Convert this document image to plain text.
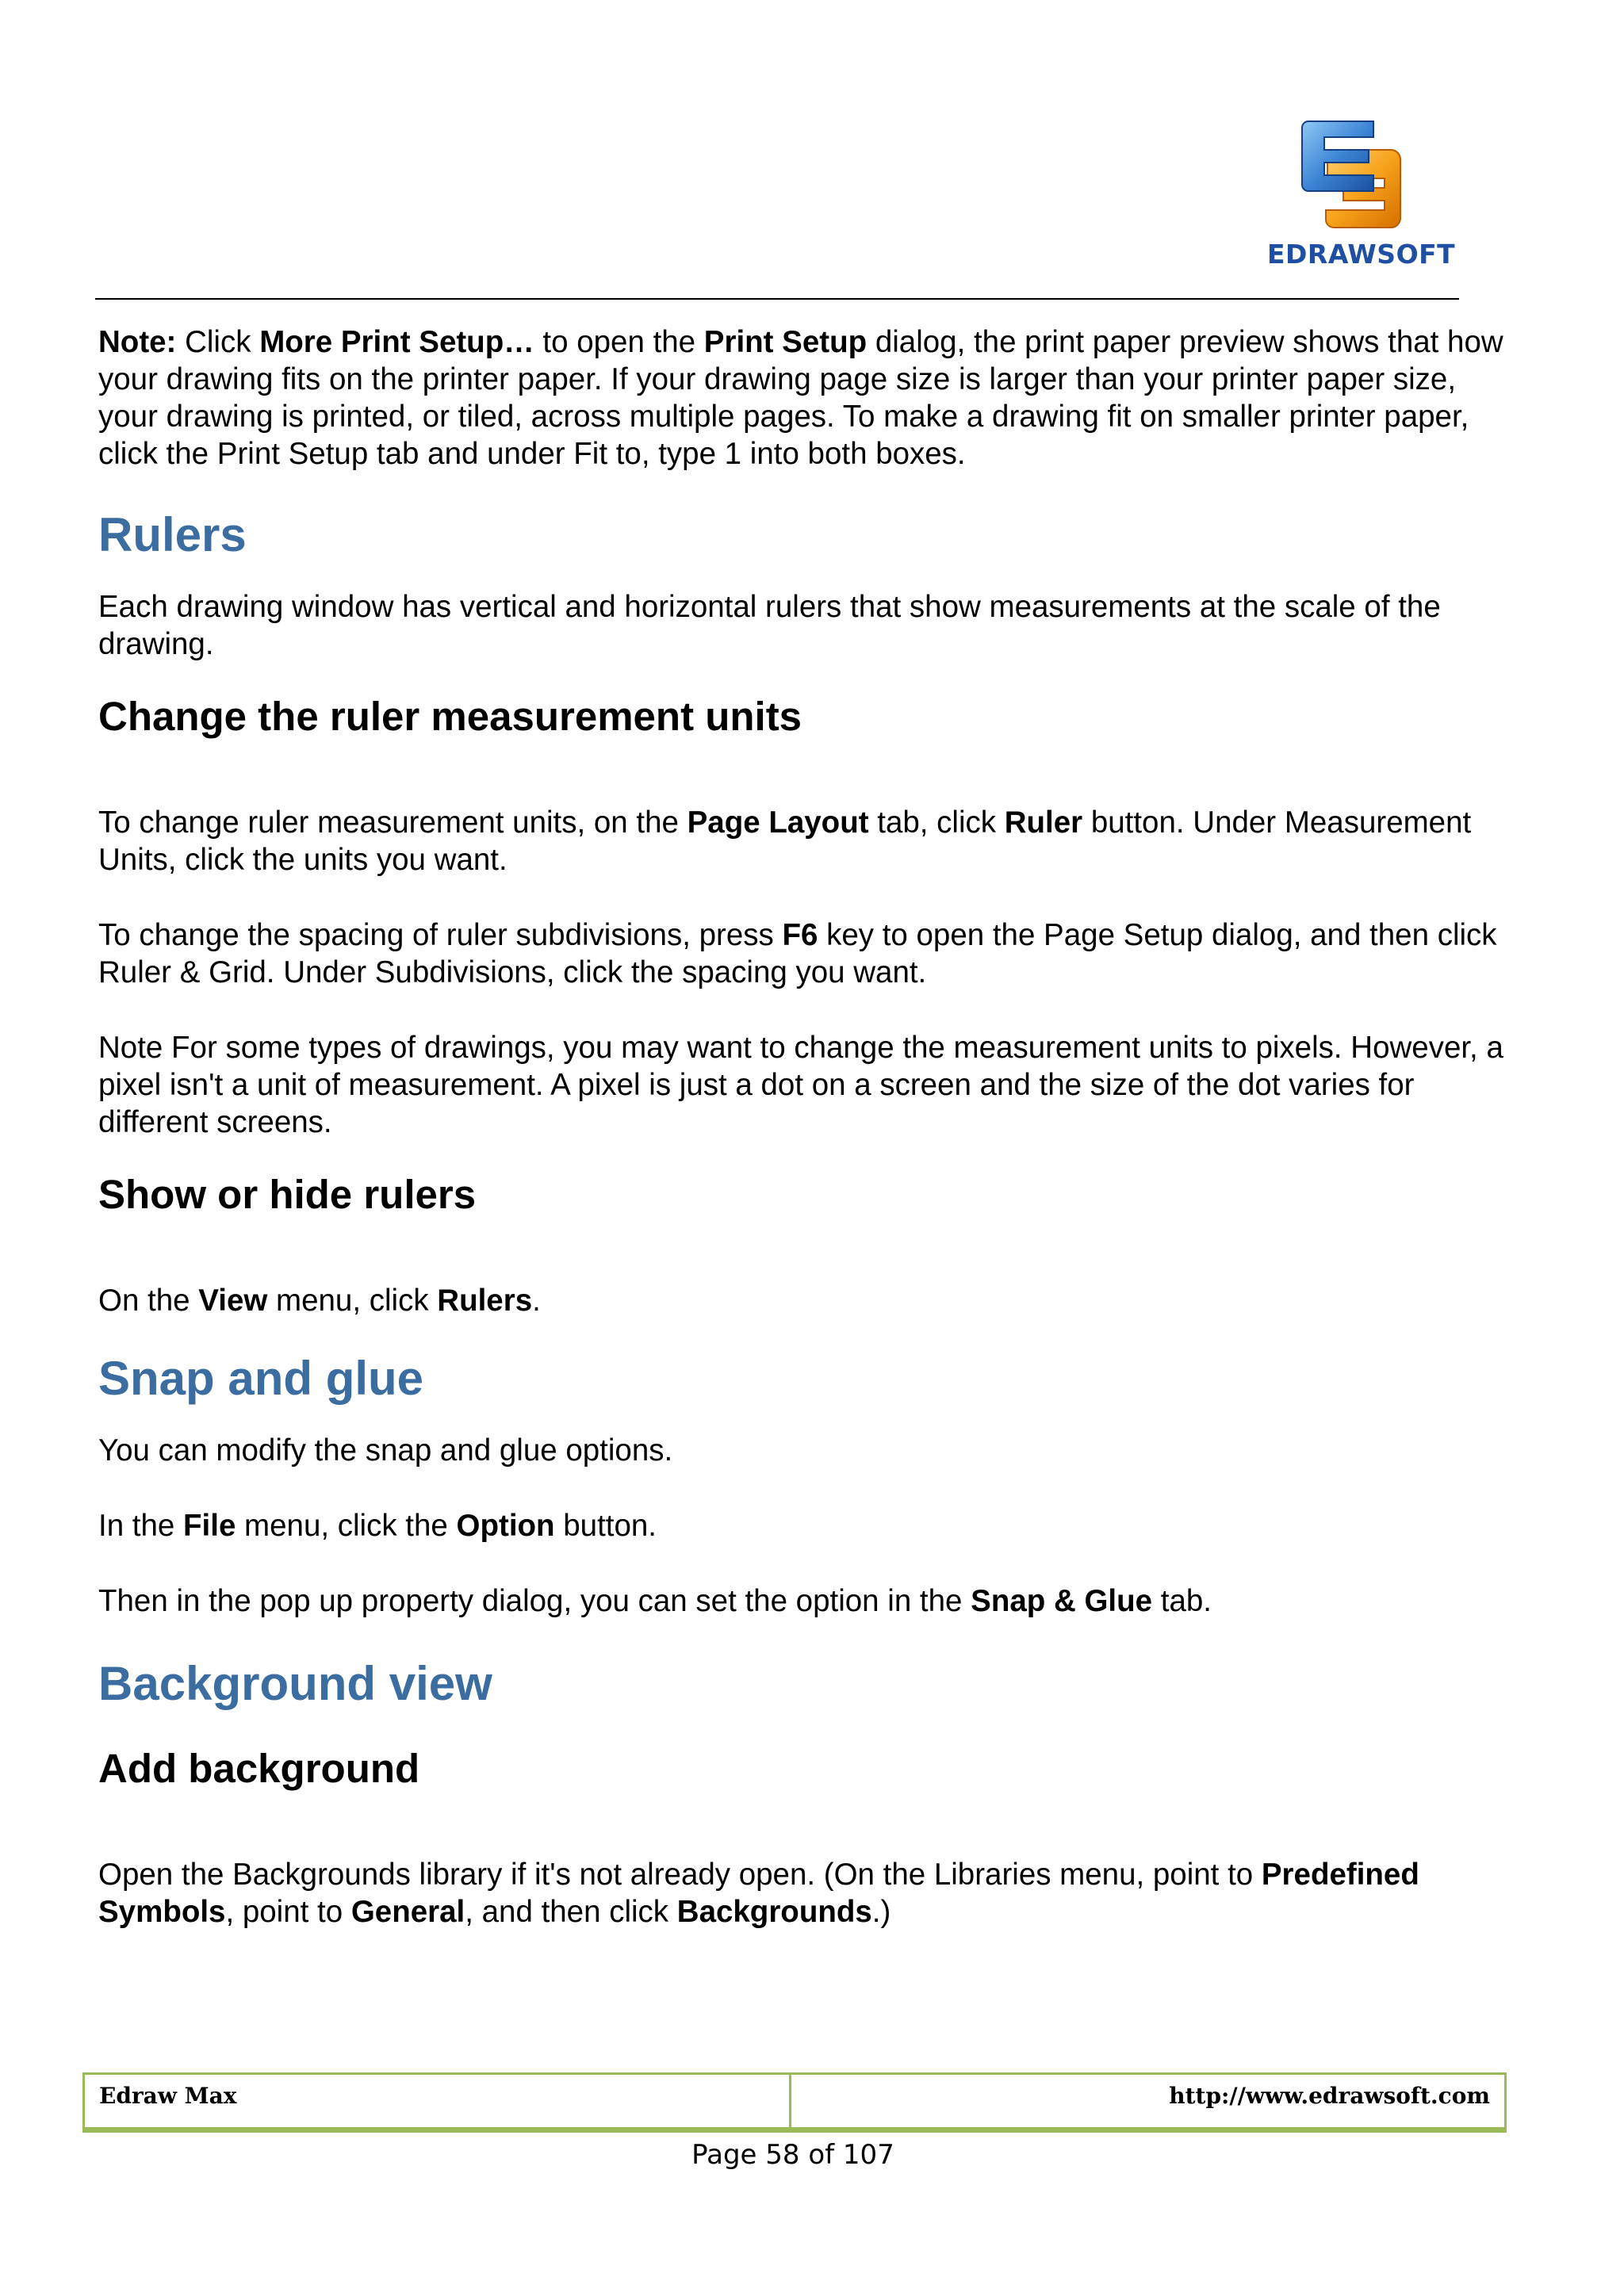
EDRAWSOFT

Note: Click More Print Setup… to open the Print Setup dialog, the print paper preview shows that how your drawing fits on the printer paper. If your drawing page size is larger than your printer paper size, your drawing is printed, or tiled, across multiple pages. To make a drawing fit on smaller printer paper, click the Print Setup tab and under Fit to, type 1 into both boxes.

Rulers

Each drawing window has vertical and horizontal rulers that show measurements at the scale of the drawing.

Change the ruler measurement units

To change ruler measurement units, on the Page Layout tab, click Ruler button. Under Measurement Units, click the units you want.

To change the spacing of ruler subdivisions, press F6 key to open the Page Setup dialog, and then click Ruler & Grid. Under Subdivisions, click the spacing you want.

Note For some types of drawings, you may want to change the measurement units to pixels. However, a pixel isn't a unit of measurement. A pixel is just a dot on a screen and the size of the dot varies for different screens.

Show or hide rulers

On the View menu, click Rulers.

Snap and glue

You can modify the snap and glue options.

In the File menu, click the Option button.

Then in the pop up property dialog, you can set the option in the Snap & Glue tab.

Background view
Add background

Open the Backgrounds library if it's not already open. (On the Libraries menu, point to Predefined Symbols, point to General, and then click Backgrounds.)

Edraw Max	http://www.edrawsoft.com
Page 58 of 107
